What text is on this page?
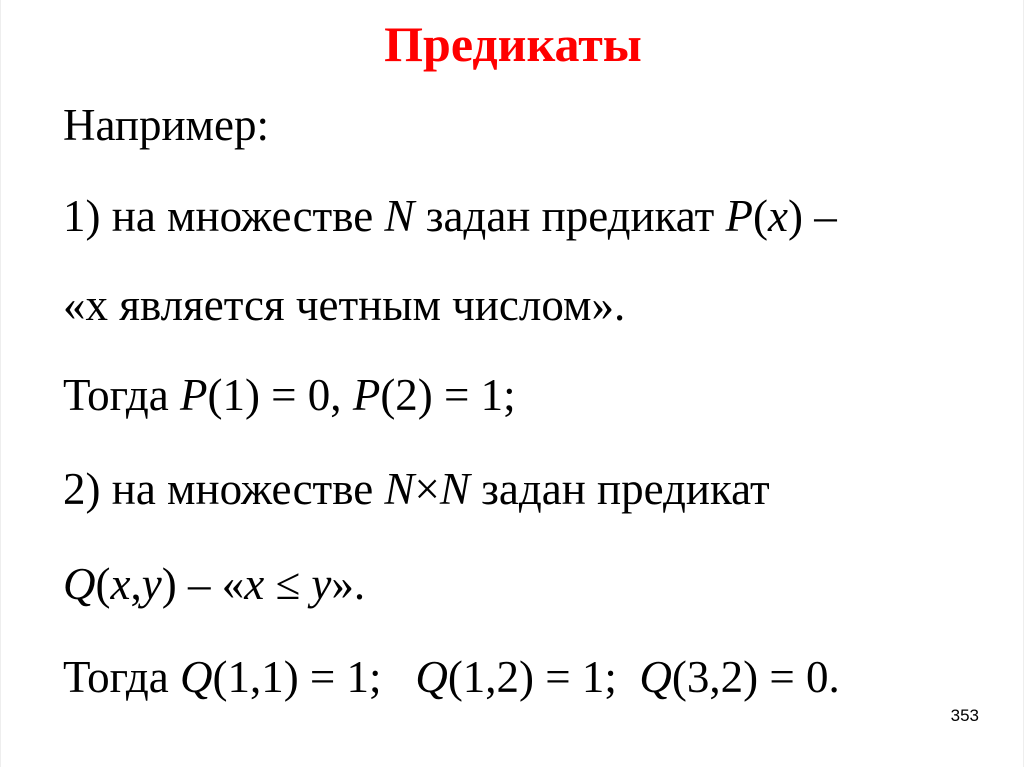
Предикаты
Например:
1) на множестве N задан предикат P(x) –
«х является четным числом».
Тогда P(1) = 0, P(2) = 1;
2) на множестве N×N задан предикат
Q(x,y) – «x ≤ y».
Тогда Q(1,1) = 1;   Q(1,2) = 1;  Q(3,2) = 0.
353
